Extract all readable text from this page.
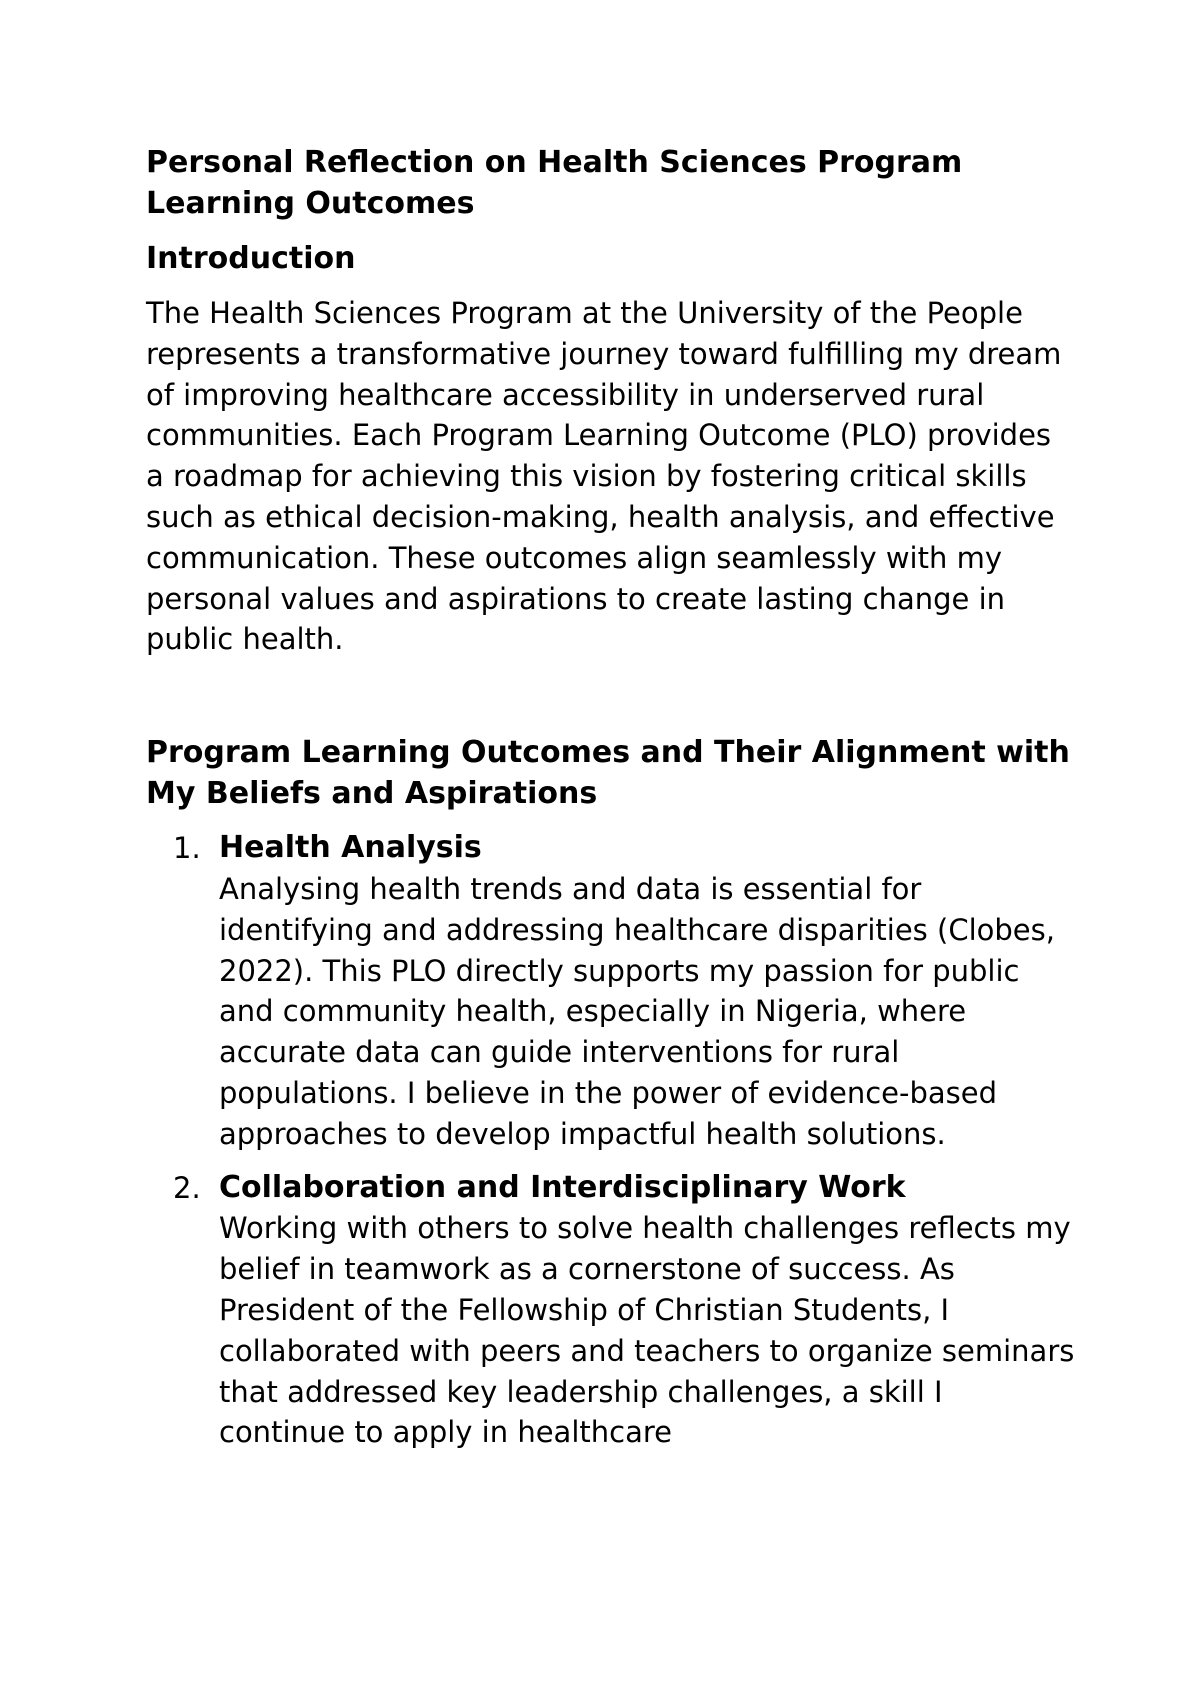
Personal Reflection on Health Sciences Program Learning Outcomes
Introduction

The Health Sciences Program at the University of the People represents a transformative journey toward fulfilling my dream of improving healthcare accessibility in underserved rural communities. Each Program Learning Outcome (PLO) provides a roadmap for achieving this vision by fostering critical skills such as ethical decision-making, health analysis, and effective communication. These outcomes align seamlessly with my personal values and aspirations to create lasting change in public health.

Program Learning Outcomes and Their Alignment with My Beliefs and Aspirations
1. Health Analysis

Analysing health trends and data is essential for identifying and addressing healthcare disparities (Clobes, 2022). This PLO directly supports my passion for public and community health, especially in Nigeria, where accurate data can guide interventions for rural populations. I believe in the power of evidence-based approaches to develop impactful health solutions.

2. Collaboration and Interdisciplinary Work

Working with others to solve health challenges reflects my belief in teamwork as a cornerstone of success. As President of the Fellowship of Christian Students, I collaborated with peers and teachers to organize seminars that addressed key leadership challenges, a skill I continue to apply in healthcare
